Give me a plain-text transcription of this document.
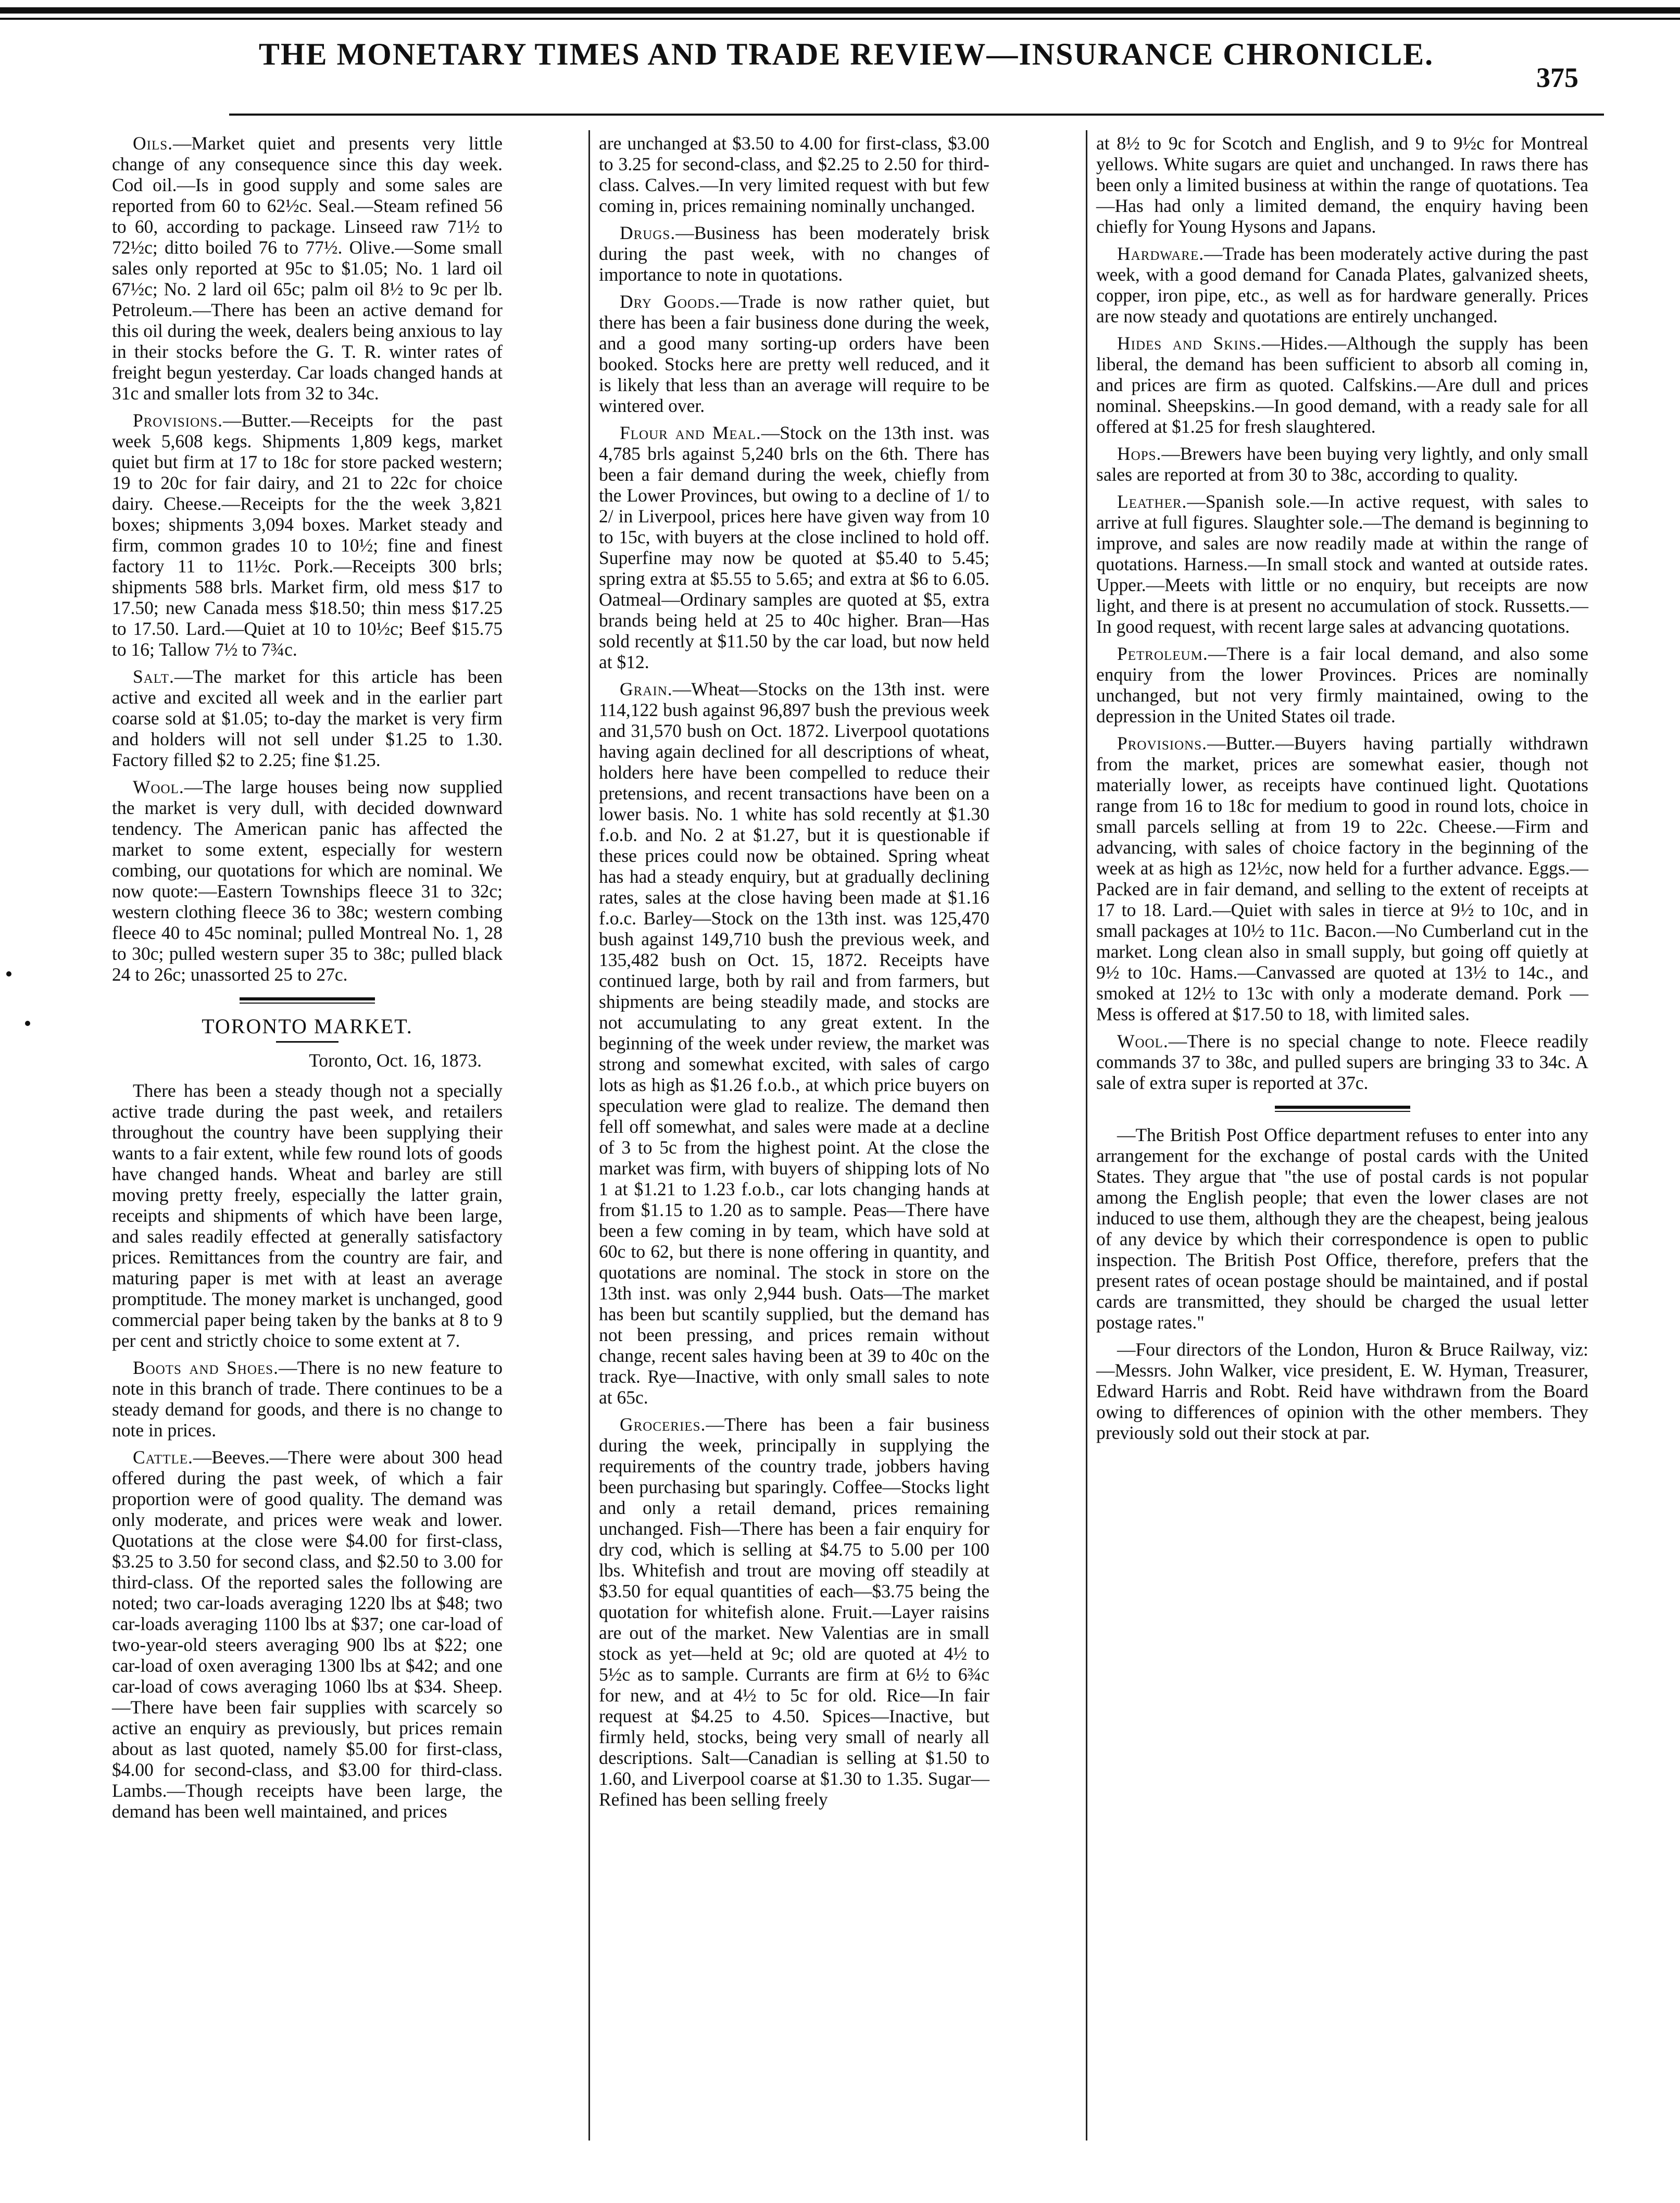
THE MONETARY TIMES AND TRADE REVIEW—INSURANCE CHRONICLE.
375

Oils.—Market quiet and presents very little change of any consequence since this day week. Cod oil.—Is in good supply and some sales are reported from 60 to 62½c. Seal.—Steam refined 56 to 60, according to package. Linseed raw 71½ to 72½c; ditto boiled 76 to 77½. Olive.—Some small sales only reported at 95c to $1.05; No. 1 lard oil 67½c; No. 2 lard oil 65c; palm oil 8½ to 9c per lb. Petroleum.—There has been an active demand for this oil during the week, dealers being anxious to lay in their stocks before the G. T. R. winter rates of freight begun yesterday. Car loads changed hands at 31c and smaller lots from 32 to 34c.

Provisions.—Butter.—Receipts for the past week 5,608 kegs. Shipments 1,809 kegs, market quiet but firm at 17 to 18c for store packed western; 19 to 20c for fair dairy, and 21 to 22c for choice dairy. Cheese.—Receipts for the the week 3,821 boxes; shipments 3,094 boxes. Market steady and firm, common grades 10 to 10½; fine and finest factory 11 to 11½c. Pork.—Receipts 300 brls; shipments 588 brls. Market firm, old mess $17 to 17.50; new Canada mess $18.50; thin mess $17.25 to 17.50. Lard.—Quiet at 10 to 10½c; Beef $15.75 to 16; Tallow 7½ to 7¾c.

Salt.—The market for this article has been active and excited all week and in the earlier part coarse sold at $1.05; to-day the market is very firm and holders will not sell under $1.25 to 1.30. Factory filled $2 to 2.25; fine $1.25.

Wool.—The large houses being now supplied the market is very dull, with decided downward tendency. The American panic has affected the market to some extent, especially for western combing, our quotations for which are nominal. We now quote:—Eastern Townships fleece 31 to 32c; western clothing fleece 36 to 38c; western combing fleece 40 to 45c nominal; pulled Montreal No. 1, 28 to 30c; pulled western super 35 to 38c; pulled black 24 to 26c; unassorted 25 to 27c.

TORONTO MARKET.
Toronto, Oct. 16, 1873.

There has been a steady though not a specially active trade during the past week, and retailers throughout the country have been supplying their wants to a fair extent, while few round lots of goods have changed hands. Wheat and barley are still moving pretty freely, especially the latter grain, receipts and shipments of which have been large, and sales readily effected at generally satisfactory prices. Remittances from the country are fair, and maturing paper is met with at least an average promptitude. The money market is unchanged, good commercial paper being taken by the banks at 8 to 9 per cent and strictly choice to some extent at 7.

Boots and Shoes.—There is no new feature to note in this branch of trade. There continues to be a steady demand for goods, and there is no change to note in prices.

Cattle.—Beeves.—There were about 300 head offered during the past week, of which a fair proportion were of good quality. The demand was only moderate, and prices were weak and lower. Quotations at the close were $4.00 for first-class, $3.25 to 3.50 for second class, and $2.50 to 3.00 for third-class. Of the reported sales the following are noted; two car-loads averaging 1220 lbs at $48; two car-loads averaging 1100 lbs at $37; one car-load of two-year-old steers averaging 900 lbs at $22; one car-load of oxen averaging 1300 lbs at $42; and one car-load of cows averaging 1060 lbs at $34. Sheep.—There have been fair supplies with scarcely so active an enquiry as previously, but prices remain about as last quoted, namely $5.00 for first-class, $4.00 for second-class, and $3.00 for third-class. Lambs.—Though receipts have been large, the demand has been well maintained, and prices

are unchanged at $3.50 to 4.00 for first-class, $3.00 to 3.25 for second-class, and $2.25 to 2.50 for third-class. Calves.—In very limited request with but few coming in, prices remaining nominally unchanged.

Drugs.—Business has been moderately brisk during the past week, with no changes of importance to note in quotations.

Dry Goods.—Trade is now rather quiet, but there has been a fair business done during the week, and a good many sorting-up orders have been booked. Stocks here are pretty well reduced, and it is likely that less than an average will require to be wintered over.

Flour and Meal.—Stock on the 13th inst. was 4,785 brls against 5,240 brls on the 6th. There has been a fair demand during the week, chiefly from the Lower Provinces, but owing to a decline of 1/ to 2/ in Liverpool, prices here have given way from 10 to 15c, with buyers at the close inclined to hold off. Superfine may now be quoted at $5.40 to 5.45; spring extra at $5.55 to 5.65; and extra at $6 to 6.05. Oatmeal—Ordinary samples are quoted at $5, extra brands being held at 25 to 40c higher. Bran—Has sold recently at $11.50 by the car load, but now held at $12.

Grain.—Wheat—Stocks on the 13th inst. were 114,122 bush against 96,897 bush the previous week and 31,570 bush on Oct. 1872. Liverpool quotations having again declined for all descriptions of wheat, holders here have been compelled to reduce their pretensions, and recent transactions have been on a lower basis. No. 1 white has sold recently at $1.30 f.o.b. and No. 2 at $1.27, but it is questionable if these prices could now be obtained. Spring wheat has had a steady enquiry, but at gradually declining rates, sales at the close having been made at $1.16 f.o.c. Barley—Stock on the 13th inst. was 125,470 bush against 149,710 bush the previous week, and 135,482 bush on Oct. 15, 1872. Receipts have continued large, both by rail and from farmers, but shipments are being steadily made, and stocks are not accumulating to any great extent. In the beginning of the week under review, the market was strong and somewhat excited, with sales of cargo lots as high as $1.26 f.o.b., at which price buyers on speculation were glad to realize. The demand then fell off somewhat, and sales were made at a decline of 3 to 5c from the highest point. At the close the market was firm, with buyers of shipping lots of No 1 at $1.21 to 1.23 f.o.b., car lots changing hands at from $1.15 to 1.20 as to sample. Peas—There have been a few coming in by team, which have sold at 60c to 62, but there is none offering in quantity, and quotations are nominal. The stock in store on the 13th inst. was only 2,944 bush. Oats—The market has been but scantily supplied, but the demand has not been pressing, and prices remain without change, recent sales having been at 39 to 40c on the track. Rye—Inactive, with only small sales to note at 65c.

Groceries.—There has been a fair business during the week, principally in supplying the requirements of the country trade, jobbers having been purchasing but sparingly. Coffee—Stocks light and only a retail demand, prices remaining unchanged. Fish—There has been a fair enquiry for dry cod, which is selling at $4.75 to 5.00 per 100 lbs. Whitefish and trout are moving off steadily at $3.50 for equal quantities of each—$3.75 being the quotation for whitefish alone. Fruit.—Layer raisins are out of the market. New Valentias are in small stock as yet—held at 9c; old are quoted at 4½ to 5½c as to sample. Currants are firm at 6½ to 6¾c for new, and at 4½ to 5c for old. Rice—In fair request at $4.25 to 4.50. Spices—Inactive, but firmly held, stocks, being very small of nearly all descriptions. Salt—Canadian is selling at $1.50 to 1.60, and Liverpool coarse at $1.30 to 1.35. Sugar—Refined has been selling freely

at 8½ to 9c for Scotch and English, and 9 to 9½c for Montreal yellows. White sugars are quiet and unchanged. In raws there has been only a limited business at within the range of quotations. Tea—Has had only a limited demand, the enquiry having been chiefly for Young Hysons and Japans.

Hardware.—Trade has been moderately active during the past week, with a good demand for Canada Plates, galvanized sheets, copper, iron pipe, etc., as well as for hardware generally. Prices are now steady and quotations are entirely unchanged.

Hides and Skins.—Hides.—Although the supply has been liberal, the demand has been sufficient to absorb all coming in, and prices are firm as quoted. Calfskins.—Are dull and prices nominal. Sheepskins.—In good demand, with a ready sale for all offered at $1.25 for fresh slaughtered.

Hops.—Brewers have been buying very lightly, and only small sales are reported at from 30 to 38c, according to quality.

Leather.—Spanish sole.—In active request, with sales to arrive at full figures. Slaughter sole.—The demand is beginning to improve, and sales are now readily made at within the range of quotations. Harness.—In small stock and wanted at outside rates. Upper.—Meets with little or no enquiry, but receipts are now light, and there is at present no accumulation of stock. Russetts.—In good request, with recent large sales at advancing quotations.

Petroleum.—There is a fair local demand, and also some enquiry from the lower Provinces. Prices are nominally unchanged, but not very firmly maintained, owing to the depression in the United States oil trade.

Provisions.—Butter.—Buyers having partially withdrawn from the market, prices are somewhat easier, though not materially lower, as receipts have continued light. Quotations range from 16 to 18c for medium to good in round lots, choice in small parcels selling at from 19 to 22c. Cheese.—Firm and advancing, with sales of choice factory in the beginning of the week at as high as 12½c, now held for a further advance. Eggs.—Packed are in fair demand, and selling to the extent of receipts at 17 to 18. Lard.—Quiet with sales in tierce at 9½ to 10c, and in small packages at 10½ to 11c. Bacon.—No Cumberland cut in the market. Long clean also in small supply, but going off quietly at 9½ to 10c. Hams.—Canvassed are quoted at 13½ to 14c., and smoked at 12½ to 13c with only a moderate demand. Pork —Mess is offered at $17.50 to 18, with limited sales.

Wool.—There is no special change to note. Fleece readily commands 37 to 38c, and pulled supers are bringing 33 to 34c. A sale of extra super is reported at 37c.

—The British Post Office department refuses to enter into any arrangement for the exchange of postal cards with the United States. They argue that "the use of postal cards is not popular among the English people; that even the lower clases are not induced to use them, although they are the cheapest, being jealous of any device by which their correspondence is open to public inspection. The British Post Office, therefore, prefers that the present rates of ocean postage should be maintained, and if postal cards are transmitted, they should be charged the usual letter postage rates."

—Four directors of the London, Huron & Bruce Railway, viz:—Messrs. John Walker, vice president, E. W. Hyman, Treasurer, Edward Harris and Robt. Reid have withdrawn from the Board owing to differences of opinion with the other members. They previously sold out their stock at par.
